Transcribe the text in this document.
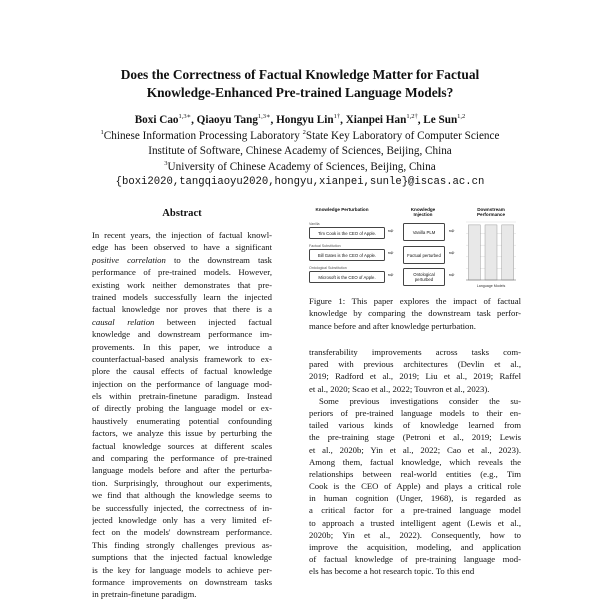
Does the Correctness of Factual Knowledge Matter for Factual
Knowledge-Enhanced Pre-trained Language Models?
Boxi Cao$^{1,3∗}$, Qiaoyu Tang$^{1,3∗}$, Hongyu Lin$^{1\dagger}$, Xianpei Han$^{1,2\dagger}$, Le Sun$^{1,2}$
$^1$Chinese Information Processing Laboratory $^2$State Key Laboratory of Computer Science
Institute of Software, Chinese Academy of Sciences, Beijing, China
$^3$University of Chinese Academy of Sciences, Beijing, China
{boxi2020,tangqiaoyu2020,hongyu,xianpei,sunle}@iscas.ac.cn
Abstract
In recent years, the injection of factual knowl-
edge has been observed to have a significant
positive correlation to the downstream task
performance of pre-trained models. However,
existing work neither demonstrates that pre-
trained models successfully learn the injected
factual knowledge nor proves that there is a
causal relation between injected factual
knowledge and downstream performance im-
provements. In this paper, we introduce a
counterfactual-based analysis framework to ex-
plore the causal effects of factual knowledge
injection on the performance of language mod-
els within pretrain-finetune paradigm. Instead
of directly probing the language model or ex-
haustively enumerating potential confounding
factors, we analyze this issue by perturbing the
factual knowledge sources at different scales
and comparing the performance of pre-trained
language models before and after the perturba-
tion. Surprisingly, throughout our experiments,
we find that although the knowledge seems to
be successfully injected, the correctness of in-
jected knowledge only has a very limited ef-
fect on the models' downstream performance.
This finding strongly challenges previous as-
sumptions that the injected factual knowledge
is the key for language models to achieve per-
formance improvements on downstream tasks
in pretrain-finetune paradigm.
Knowledge Perturbation	Knowledge Injection
Downstream Performance
Vanilla
Tim Cook is the CEO of Apple.	⇨	Vanilla PLM	⇨
Factual Substitution
Bill Gates is the CEO of Apple.	⇨	Factual perturbed	⇨
Ontological Substitution
Microsoft is the CEO of Apple.	⇨	Ontological perturbed
⇨
Language Models
Figure 1: This paper explores the impact of factual
knowledge by comparing the downstream task perfor-
mance before and after knowledge perturbation.
transferability improvements across tasks com-
pared with previous architectures (Devlin et al.,
2019; Radford et al., 2019; Liu et al., 2019; Raffel
et al., 2020; Scao et al., 2022; Touvron et al., 2023).
Some previous investigations consider the su-
periors of pre-trained language models to their en-
tailed various kinds of knowledge learned from
the pre-training stage (Petroni et al., 2019; Lewis
et al., 2020b; Yin et al., 2022; Cao et al., 2023).
Among them, factual knowledge, which reveals the
relationships between real-world entities (e.g., Tim
Cook is the CEO of Apple) and plays a critical role
in human cognition (Unger, 1968), is regarded as
a critical factor for a pre-trained language model
to approach a trusted intelligent agent (Lewis et al.,
2020b; Yin et al., 2022). Consequently, how to
improve the acquisition, modeling, and application
of factual knowledge of pre-training language mod-
els has become a hot research topic. To this end
